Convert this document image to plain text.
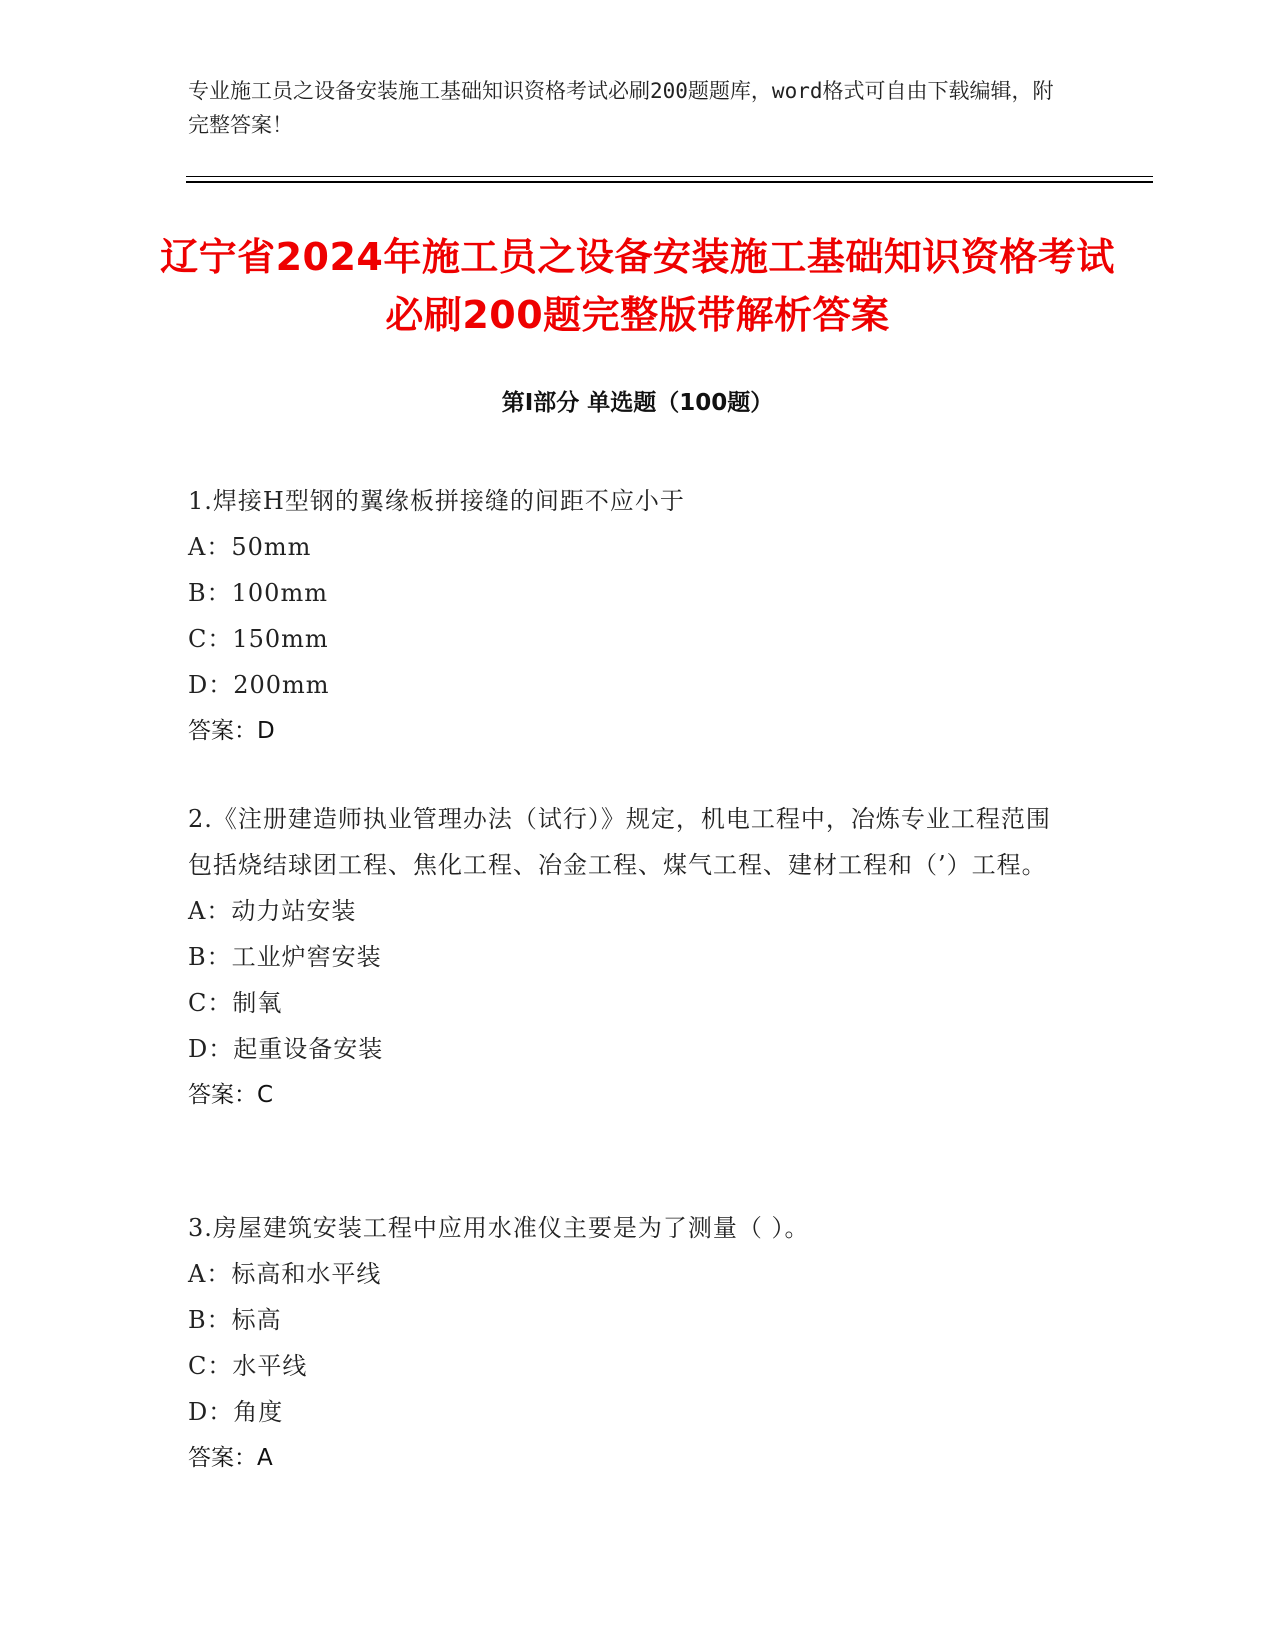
专业施工员之设备安装施工基础知识资格考试必刷200题题库，word格式可自由下载编辑，附完整答案！
辽宁省2024年施工员之设备安装施工基础知识资格考试必刷200题完整版带解析答案
第Ⅰ部分 单选题（100题）
1.焊接H型钢的翼缘板拼接缝的间距不应小于
A：50mm
B：100mm
C：150mm
D：200mm
答案：D
2.《注册建造师执业管理办法（试行）》规定，机电工程中，冶炼专业工程范围包括烧结球团工程、焦化工程、冶金工程、煤气工程、建材工程和（’）工程。
A：动力站安装
B：工业炉窖安装
C：制氧
D：起重设备安装
答案：C
3.房屋建筑安装工程中应用水准仪主要是为了测量（ ）。
A：标高和水平线
B：标高
C：水平线
D：角度
答案：A
